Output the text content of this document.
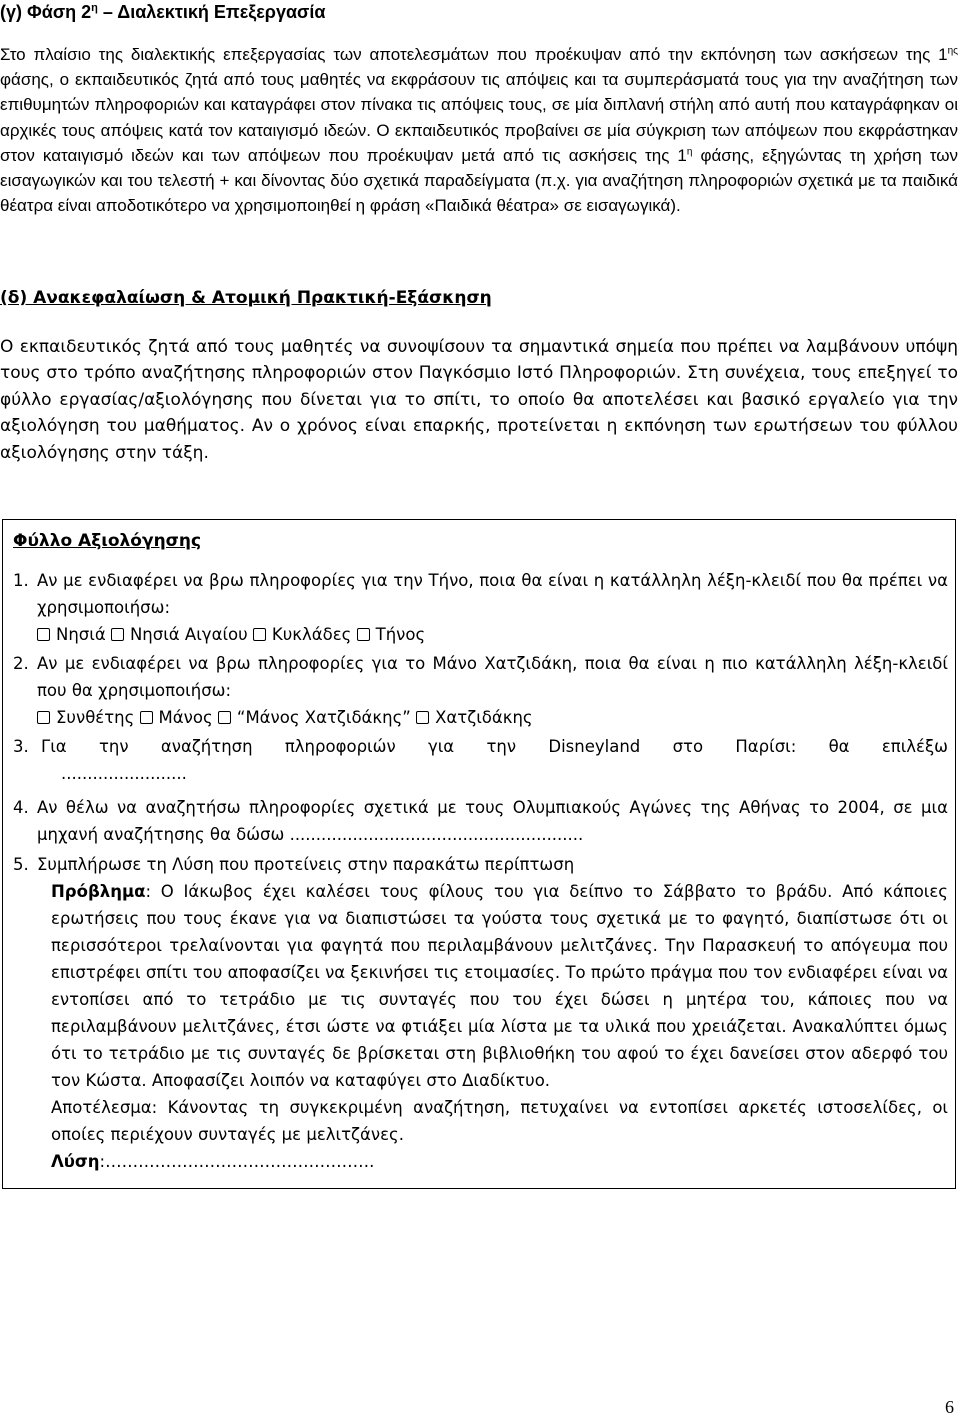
(γ) Φάση $2^\eta$ – Διαλεκτική Επεξεργασία
Στο πλαίσιο της διαλεκτικής επεξεργασίας των αποτελεσμάτων που προέκυψαν από την εκπόνηση των ασκήσεων της $1^{\eta\varsigma}$ φάσης, ο εκπαιδευτικός ζητά από τους μαθητές να εκφράσουν τις απόψεις και τα συμπεράσματά τους για την αναζήτηση των επιθυμητών πληροφοριών και καταγράφει στον πίνακα τις απόψεις τους, σε μία διπλανή στήλη από αυτή που καταγράφηκαν οι αρχικές τους απόψεις κατά τον καταιγισμό ιδεών. Ο εκπαιδευτικός προβαίνει σε μία σύγκριση των απόψεων που εκφράστηκαν στον καταιγισμό ιδεών και των απόψεων που προέκυψαν μετά από τις ασκήσεις της $1^\eta$ φάσης, εξηγώντας τη χρήση των εισαγωγικών και του τελεστή + και δίνοντας δύο σχετικά παραδείγματα (π.χ. για αναζήτηση πληροφοριών σχετικά με τα παιδικά θέατρα είναι αποδοτικότερο να χρησιμοποιηθεί η φράση «Παιδικά θέατρα» σε εισαγωγικά).
(δ) Ανακεφαλαίωση & Ατομική Πρακτική-Εξάσκηση
Ο εκπαιδευτικός ζητά από τους μαθητές να συνοψίσουν τα σημαντικά σημεία που πρέπει να λαμβάνουν υπόψη τους στο τρόπο αναζήτησης πληροφοριών στον Παγκόσμιο Ιστό Πληροφοριών. Στη συνέχεια, τους επεξηγεί το φύλλο εργασίας/αξιολόγησης που δίνεται για το σπίτι, το οποίο θα αποτελέσει και βασικό εργαλείο για την αξιολόγηση του μαθήματος. Αν ο χρόνος είναι επαρκής, προτείνεται η εκπόνηση των ερωτήσεων του φύλλου αξιολόγησης στην τάξη.
Φύλλο Αξιολόγησης
1. Αν με ενδιαφέρει να βρω πληροφορίες για την Τήνο, ποια θα είναι η κατάλληλη λέξη-κλειδί που θα πρέπει να χρησιμοποιήσω:
Νησιά Νησιά Αιγαίου Κυκλάδες Τήνος
2. Αν με ενδιαφέρει να βρω πληροφορίες για το Μάνο Χατζιδάκη, ποια θα είναι η πιο κατάλληλη λέξη-κλειδί που θα χρησιμοποιήσω:
Συνθέτης Μάνος “Μάνος Χατζιδάκης” Χατζιδάκης
3. Για την αναζήτηση πληροφοριών για την Disneyland στο Παρίσι: θα επιλέξω
........................
4. Αν θέλω να αναζητήσω πληροφορίες σχετικά με τους Ολυμπιακούς Αγώνες της Αθήνας το 2004, σε μια μηχανή αναζήτησης θα δώσω ........................................................
5. Συμπλήρωσε τη Λύση που προτείνεις στην παρακάτω περίπτωση
Πρόβλημα: Ο Ιάκωβος έχει καλέσει τους φίλους του για δείπνο το Σάββατο το βράδυ. Από κάποιες ερωτήσεις που τους έκανε για να διαπιστώσει τα γούστα τους σχετικά με το φαγητό, διαπίστωσε ότι οι περισσότεροι τρελαίνονται για φαγητά που περιλαμβάνουν μελιτζάνες. Την Παρασκευή το απόγευμα που επιστρέφει σπίτι του αποφασίζει να ξεκινήσει τις ετοιμασίες. Το πρώτο πράγμα που τον ενδιαφέρει είναι να εντοπίσει από το τετράδιο με τις συνταγές που του έχει δώσει η μητέρα του, κάποιες που να περιλαμβάνουν μελιτζάνες, έτσι ώστε να φτιάξει μία λίστα με τα υλικά που χρειάζεται. Ανακαλύπτει όμως ότι το τετράδιο με τις συνταγές δε βρίσκεται στη βιβλιοθήκη του αφού το έχει δανείσει στον αδερφό του τον Κώστα. Αποφασίζει λοιπόν να καταφύγει στο Διαδίκτυο.
Αποτέλεσμα: Κάνοντας τη συγκεκριμένη αναζήτηση, πετυχαίνει να εντοπίσει αρκετές ιστοσελίδες, οι οποίες περιέχουν συνταγές με μελιτζάνες.
Λύση:………………………………………….
6
